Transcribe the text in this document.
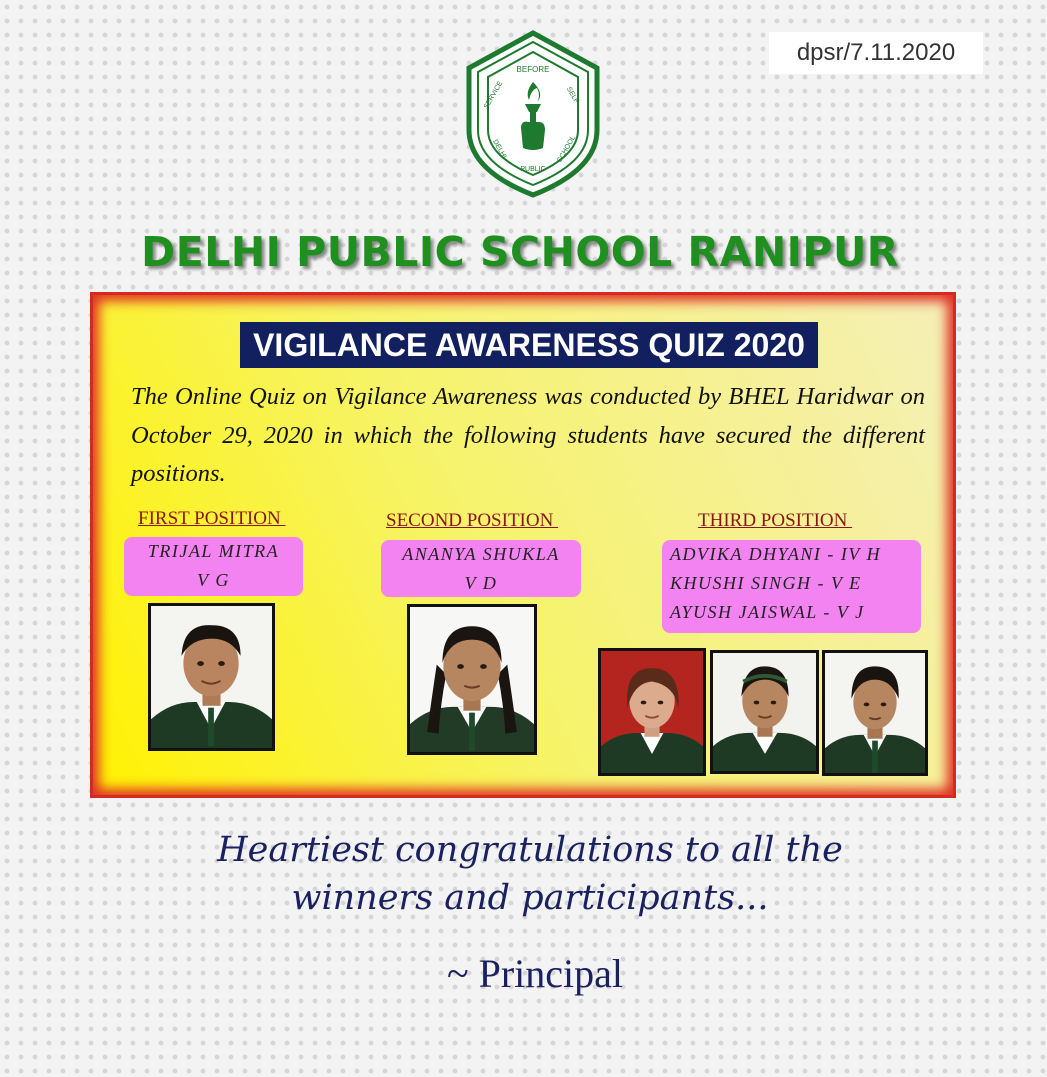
dpsr/7.11.2020
BEFORE
SERVICE	SELF
DELHI
PUBLIC
SCHOOL
DELHI PUBLIC SCHOOL RANIPUR
VIGILANCE AWARENESS QUIZ 2020
The Online Quiz on Vigilance Awareness was conducted by BHEL Haridwar on October 29, 2020 in which the following students have secured the different positions.
FIRST POSITION
TRIJAL MITRA
V G
SECOND POSITION
ANANYA SHUKLA
V D
THIRD POSITION
ADVIKA DHYANI - IV H
KHUSHI SINGH - V E
AYUSH JAISWAL - V J
Heartiest congratulations to all the
winners and participants...
~ Principal
